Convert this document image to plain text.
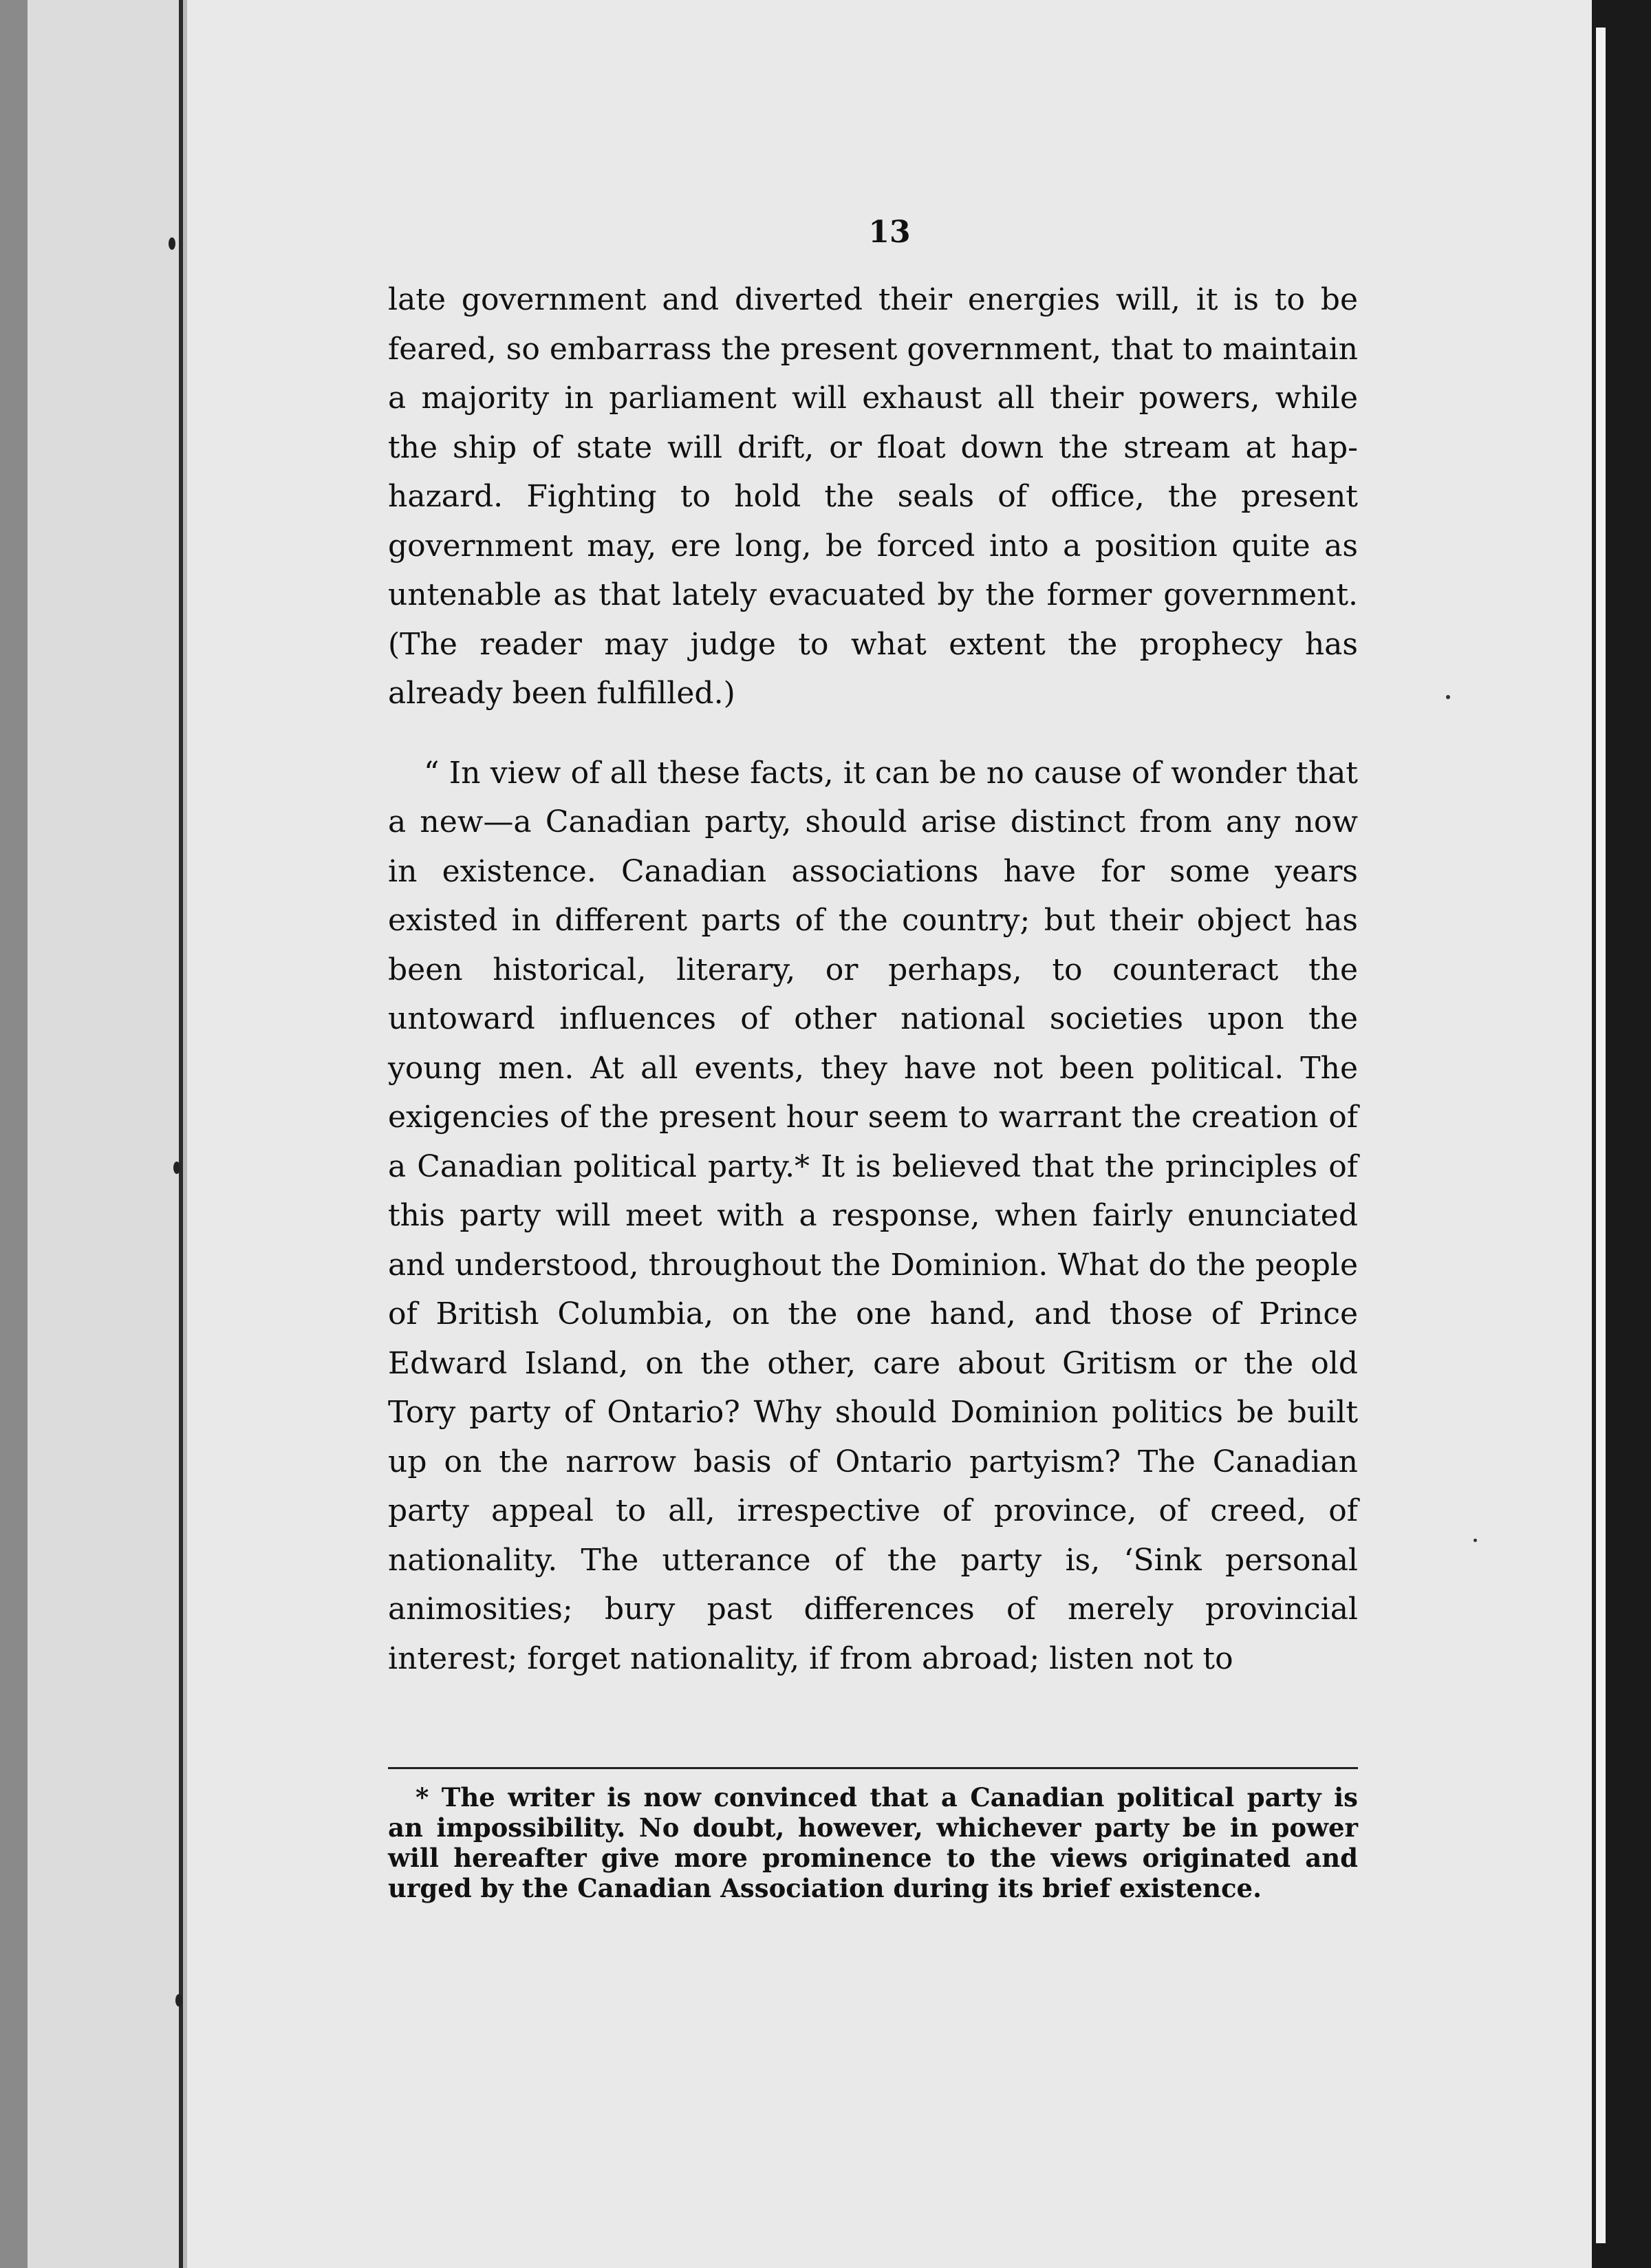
13

late government and diverted their energies will, it is to be feared, so embarrass the present government, that to maintain a majority in parliament will exhaust all their powers, while the ship of state will drift, or float down the stream at hap-hazard. Fighting to hold the seals of office, the present government may, ere long, be forced into a position quite as untenable as that lately evacuated by the former government. (The reader may judge to what extent the prophecy has already been fulfilled.)

“ In view of all these facts, it can be no cause of wonder that a new—a Canadian party, should arise distinct from any now in existence. Canadian associations have for some years existed in different parts of the country; but their object has been historical, literary, or perhaps, to counteract the untoward influences of other national societies upon the young men. At all events, they have not been political. The exigencies of the present hour seem to warrant the creation of a Canadian political party.* It is believed that the principles of this party will meet with a response, when fairly enunciated and understood, throughout the Dominion. What do the people of British Columbia, on the one hand, and those of Prince Edward Island, on the other, care about Gritism or the old Tory party of Ontario? Why should Dominion politics be built up on the narrow basis of Ontario partyism? The Canadian party appeal to all, irrespective of province, of creed, of nationality. The utterance of the party is, ‘Sink personal animosities; bury past differences of merely provincial interest; forget nationality, if from abroad; listen not to

* The writer is now convinced that a Canadian political party is an impossibility. No doubt, however, whichever party be in power will hereafter give more prominence to the views originated and urged by the Canadian Association during its brief existence.
